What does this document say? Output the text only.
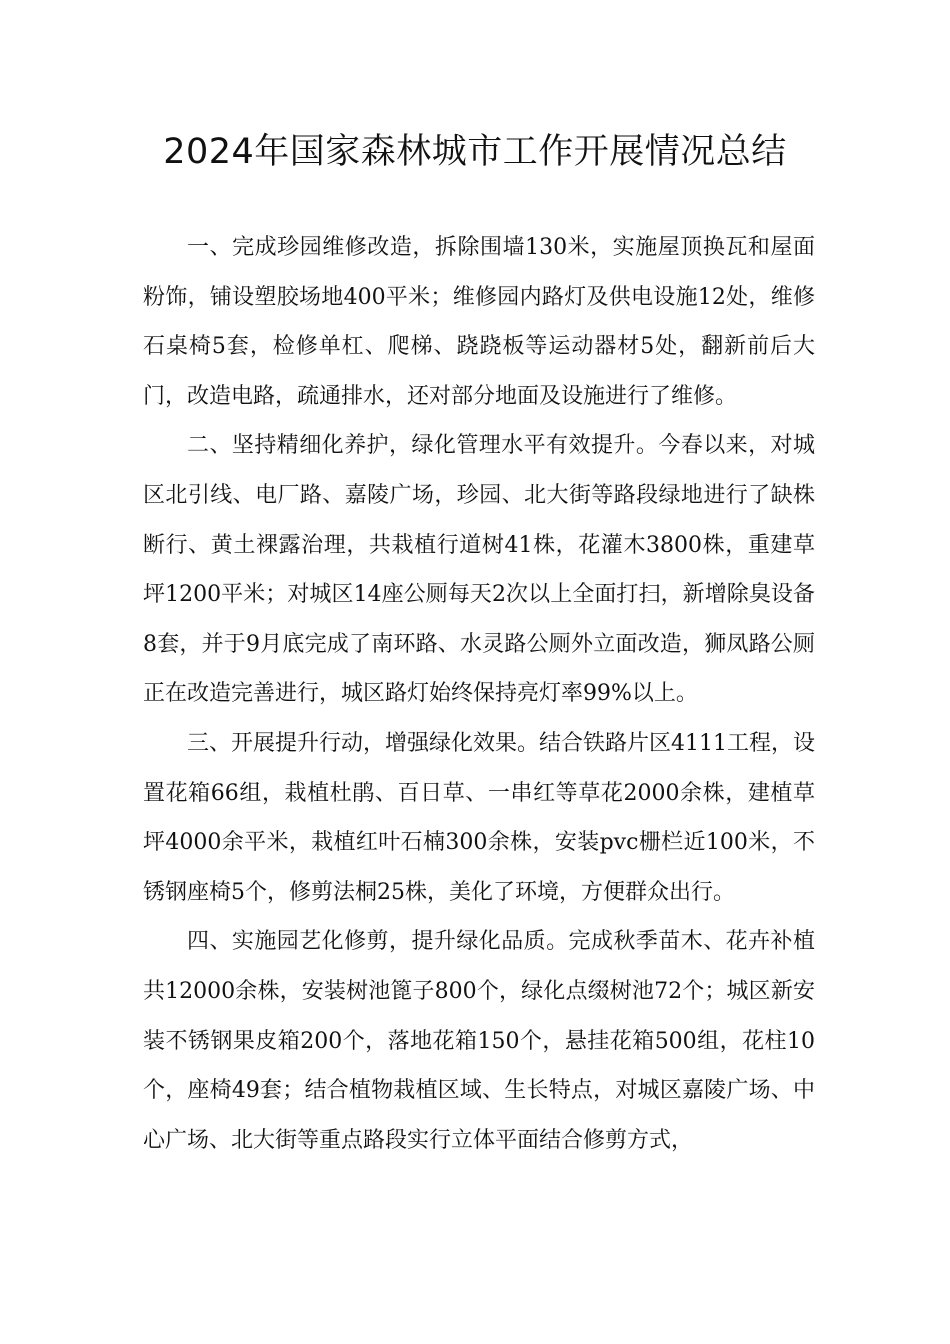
2024年国家森林城市工作开展情况总结

一、完成珍园维修改造，拆除围墙130米，实施屋顶换瓦和屋面粉饰，铺设塑胶场地400平米；维修园内路灯及供电设施12处，维修石桌椅5套，检修单杠、爬梯、跷跷板等运动器材5处，翻新前后大门，改造电路，疏通排水，还对部分地面及设施进行了维修。

二、坚持精细化养护，绿化管理水平有效提升。今春以来，对城区北引线、电厂路、嘉陵广场，珍园、北大街等路段绿地进行了缺株断行、黄土裸露治理，共栽植行道树41株，花灌木3800株，重建草坪1200平米；对城区14座公厕每天2次以上全面打扫，新增除臭设备8套，并于9月底完成了南环路、水灵路公厕外立面改造，狮凤路公厕正在改造完善进行，城区路灯始终保持亮灯率99%以上。

三、开展提升行动，增强绿化效果。结合铁路片区4111工程，设置花箱66组，栽植杜鹃、百日草、一串红等草花2000余株，建植草坪4000余平米，栽植红叶石楠300余株，安装pvc栅栏近100米，不锈钢座椅5个，修剪法桐25株，美化了环境，方便群众出行。

四、实施园艺化修剪，提升绿化品质。完成秋季苗木、花卉补植共12000余株，安装树池篦子800个，绿化点缀树池72个；城区新安装不锈钢果皮箱200个，落地花箱150个，悬挂花箱500组，花柱10个，座椅49套；结合植物栽植区域、生长特点，对城区嘉陵广场、中心广场、北大街等重点路段实行立体平面结合修剪方式，
